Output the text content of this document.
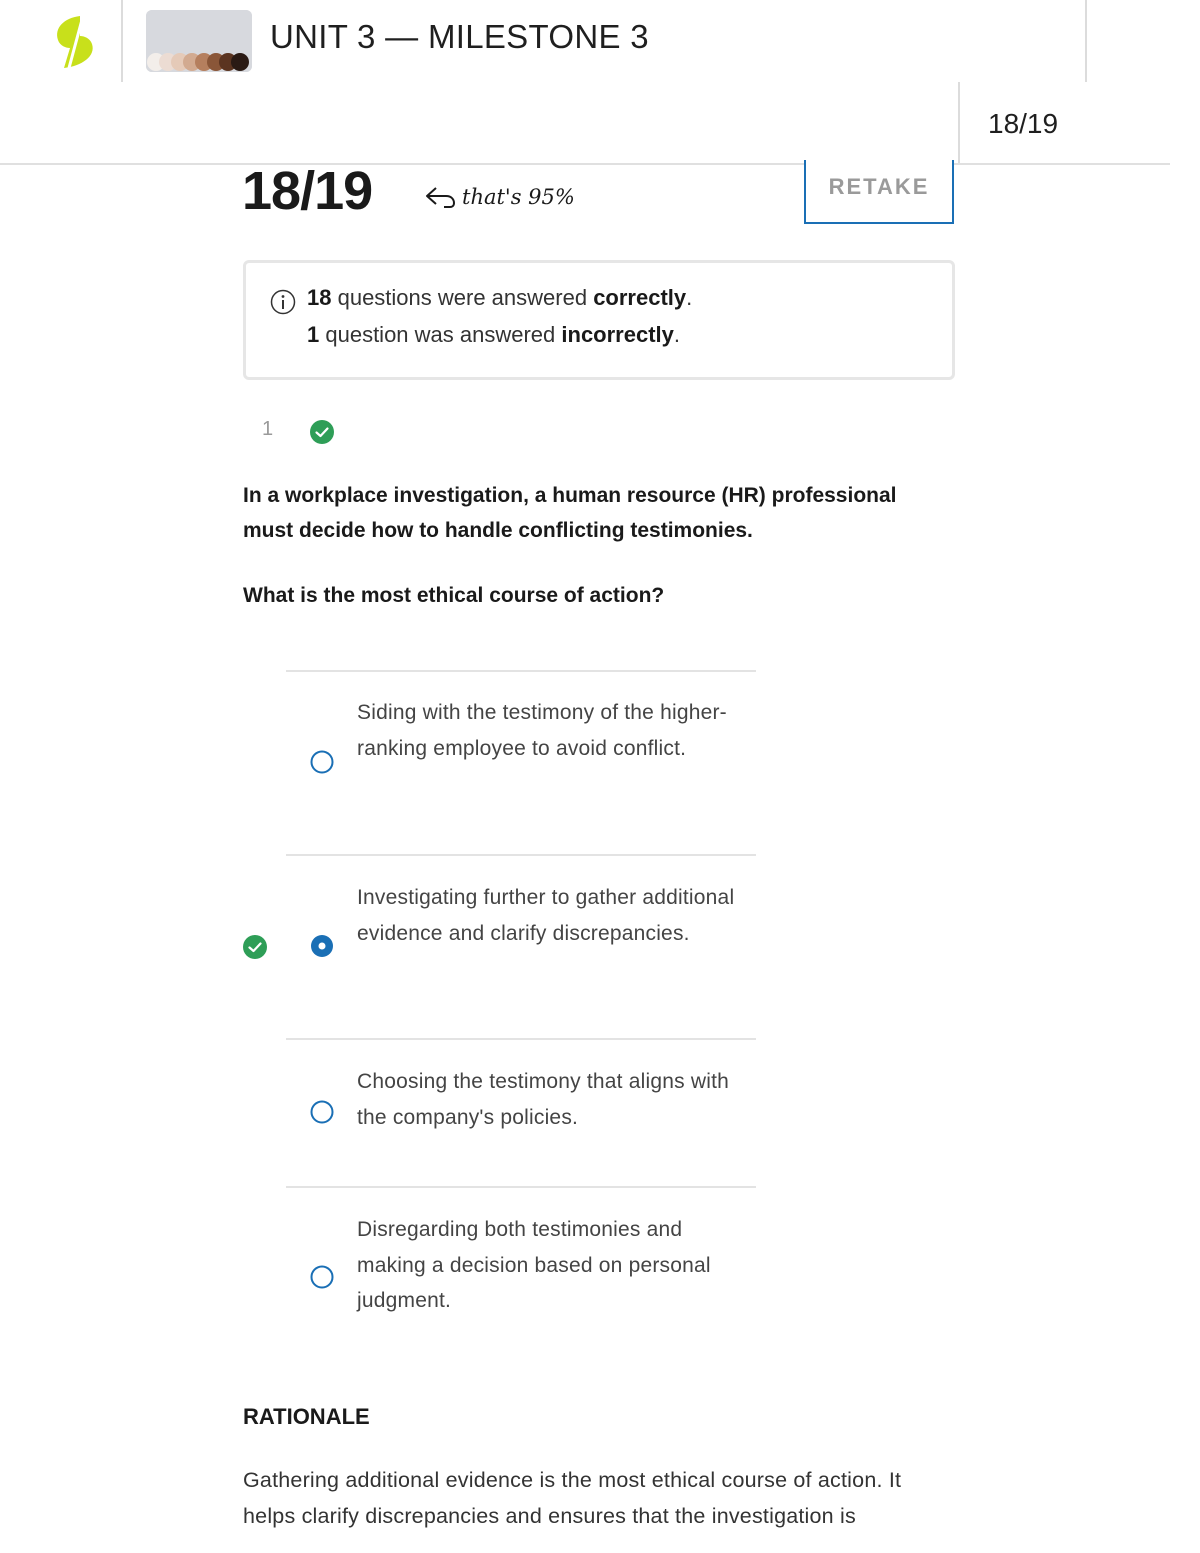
UNIT 3 — MILESTONE 3
18/19
18/19	that's 95%	RETAKE
18 questions were answered correctly.
1 question was answered incorrectly.
1

In a workplace investigation, a human resource (HR) professional must decide how to handle conflicting testimonies.

What is the most ethical course of action?
Siding with the testimony of the higher-ranking employee to avoid conflict.
Investigating further to gather additional evidence and clarify discrepancies.
Choosing the testimony that aligns with the company's policies.
Disregarding both testimonies and making a decision based on personal judgment.
RATIONALE
Gathering additional evidence is the most ethical course of action. It helps clarify discrepancies and ensures that the investigation is
